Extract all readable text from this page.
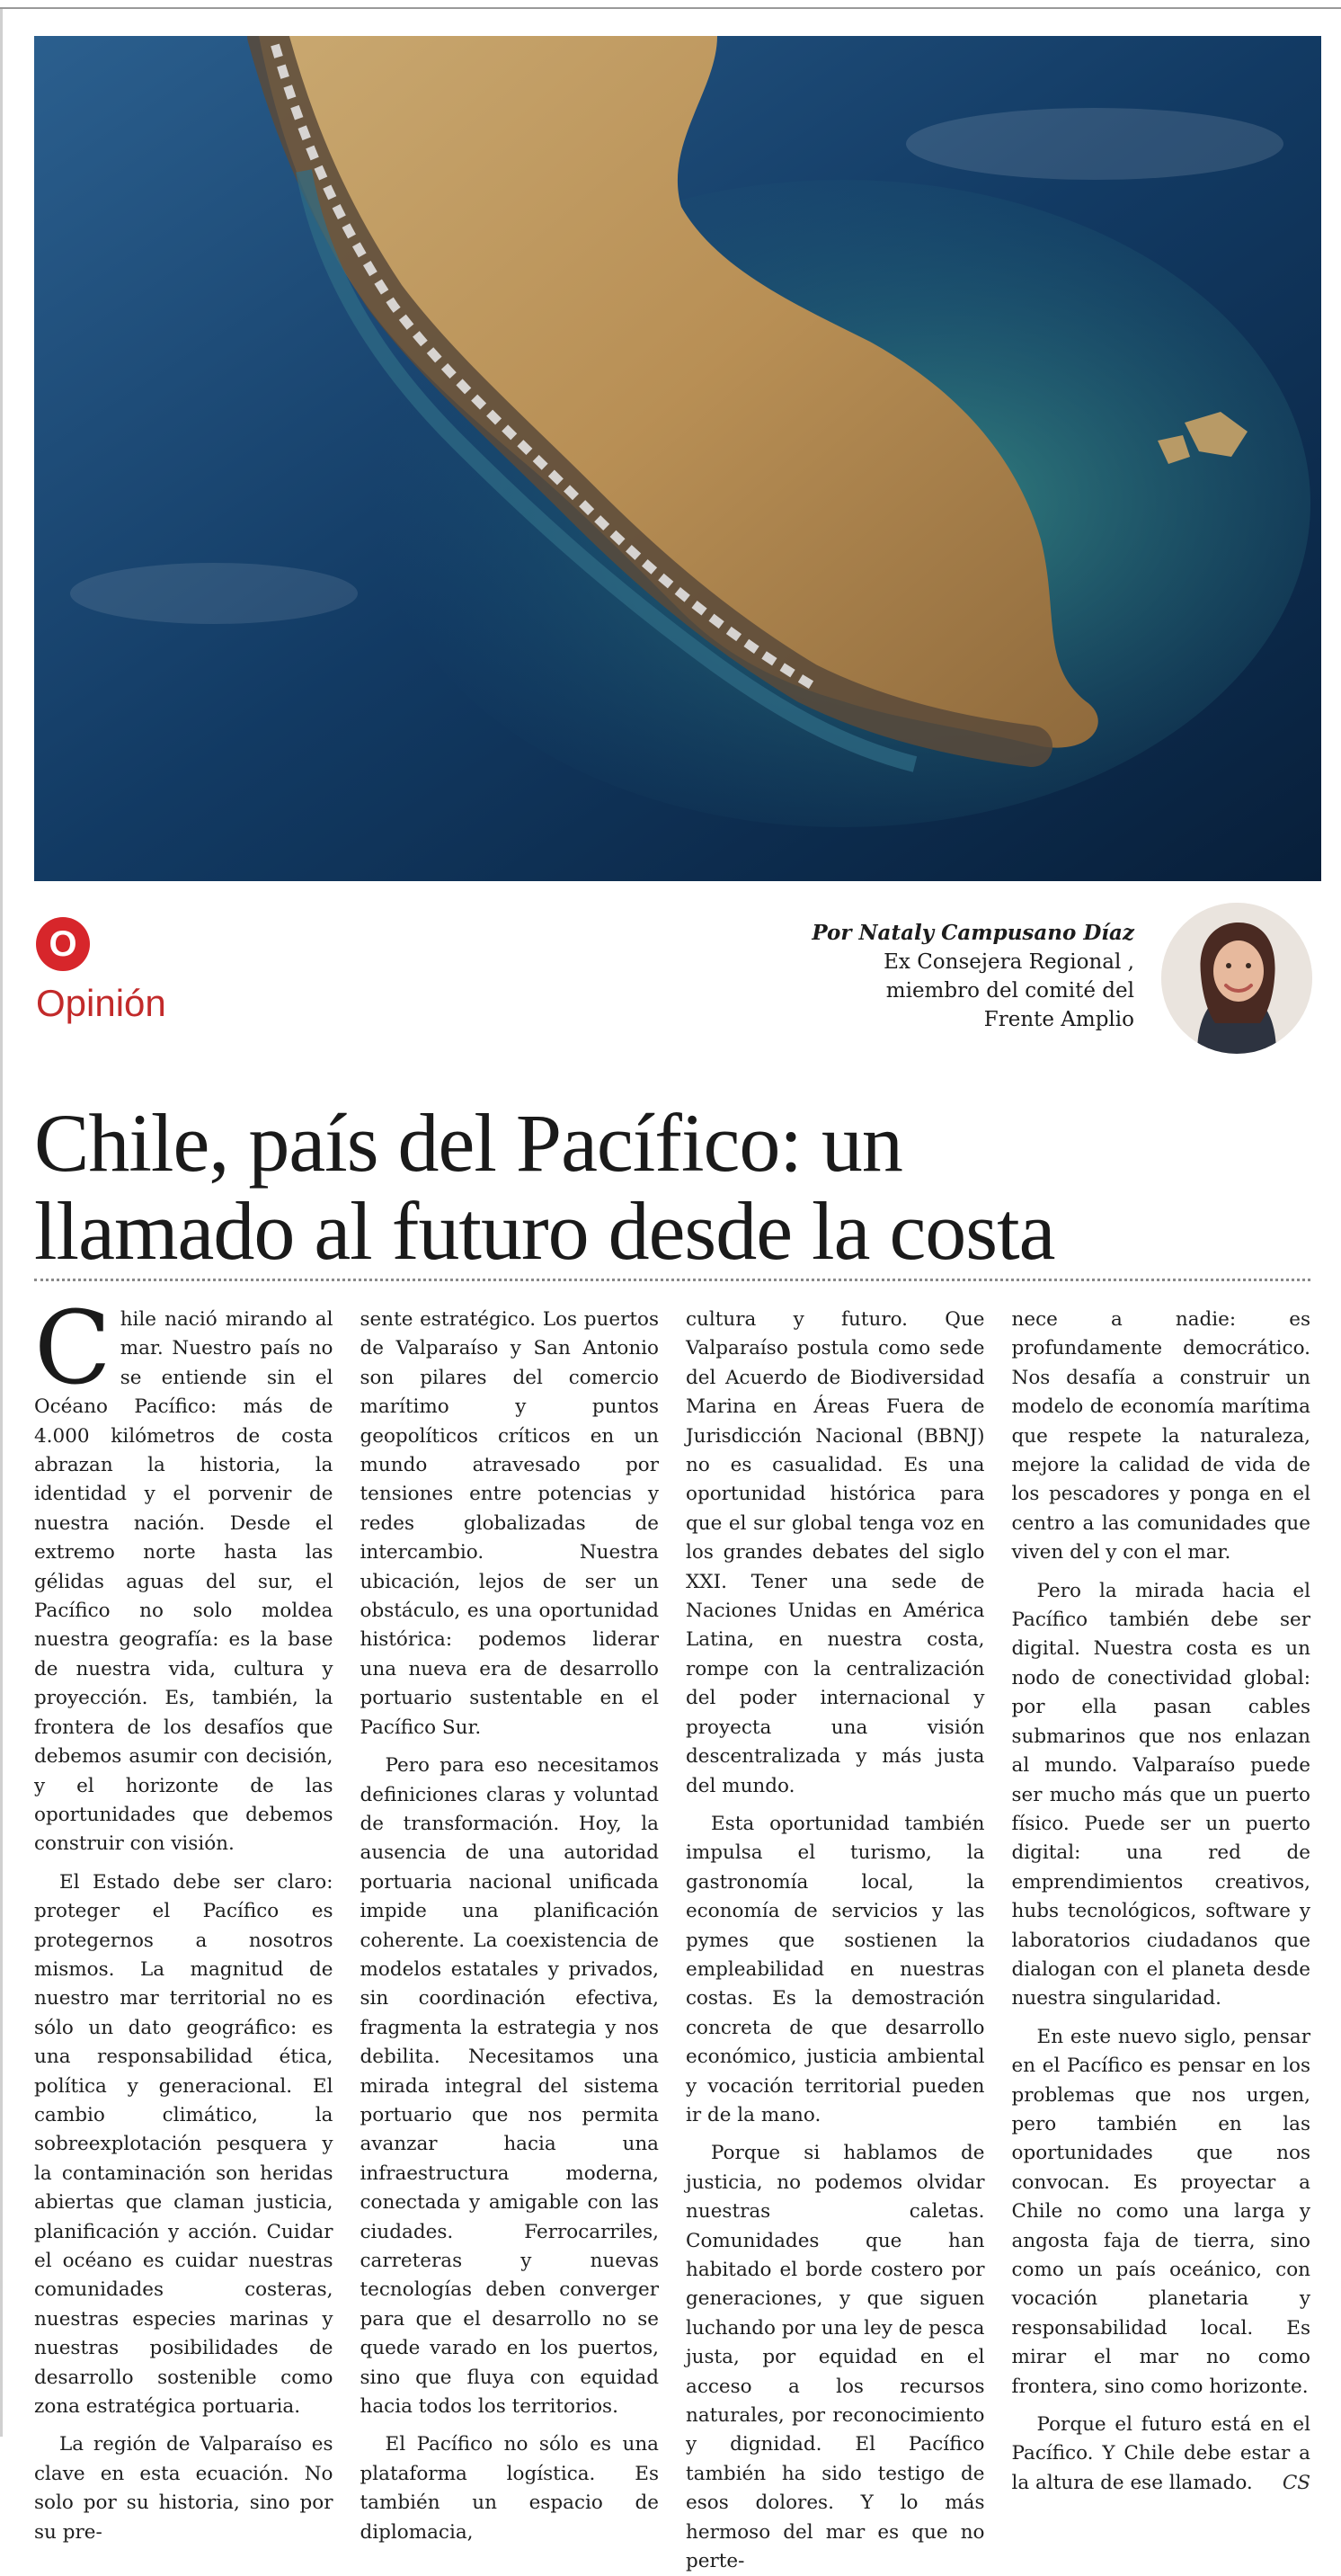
O
Opinión
Por Nataly Campusano Díaz
Ex Consejera Regional ,
miembro del comité del
Frente Amplio
Chile, país del Pacífico: un
llamado al futuro desde la costa

Chile nació mirando al mar. Nuestro país no se entiende sin el Océano Pacífico: más de 4.000 kilómetros de costa abrazan la historia, la identidad y el porvenir de nuestra nación. Desde el extremo norte hasta las gélidas aguas del sur, el Pacífico no solo moldea nuestra geografía: es la base de nuestra vida, cultura y proyección. Es, también, la frontera de los desafíos que debemos asumir con decisión, y el horizonte de las oportunidades que debemos construir con visión.

El Estado debe ser claro: proteger el Pacífico es protegernos a nosotros mismos. La magnitud de nuestro mar territorial no es sólo un dato geográfico: es una responsabilidad ética, política y generacional. El cambio climático, la sobreexplotación pesquera y la contaminación son heridas abiertas que claman justicia, planificación y acción. Cuidar el océano es cuidar nuestras comunidades costeras, nuestras especies marinas y nuestras posibilidades de desarrollo sostenible como zona estratégica portuaria.

La región de Valparaíso es clave en esta ecuación. No solo por su historia, sino por su pre-

sente estratégico. Los puertos de Valparaíso y San Antonio son pilares del comercio marítimo y puntos geopolíticos críticos en un mundo atravesado por tensiones entre potencias y redes globalizadas de intercambio. Nuestra ubicación, lejos de ser un obstáculo, es una oportunidad histórica: podemos liderar una nueva era de desarrollo portuario sustentable en el Pacífico Sur.

Pero para eso necesitamos definiciones claras y voluntad de transformación. Hoy, la ausencia de una autoridad portuaria nacional unificada impide una planificación coherente. La coexistencia de modelos estatales y privados, sin coordinación efectiva, fragmenta la estrategia y nos debilita. Necesitamos una mirada integral del sistema portuario que nos permita avanzar hacia una infraestructura moderna, conectada y amigable con las ciudades. Ferrocarriles, carreteras y nuevas tecnologías deben converger para que el desarrollo no se quede varado en los puertos, sino que fluya con equidad hacia todos los territorios.

El Pacífico no sólo es una plataforma logística. Es también un espacio de diplomacia,

cultura y futuro. Que Valparaíso postula como sede del Acuerdo de Biodiversidad Marina en Áreas Fuera de Jurisdicción Nacional (BBNJ) no es casualidad. Es una oportunidad histórica para que el sur global tenga voz en los grandes debates del siglo XXI. Tener una sede de Naciones Unidas en América Latina, en nuestra costa, rompe con la centralización del poder internacional y proyecta una visión descentralizada y más justa del mundo.

Esta oportunidad también impulsa el turismo, la gastronomía local, la economía de servicios y las pymes que sostienen la empleabilidad en nuestras costas. Es la demostración concreta de que desarrollo económico, justicia ambiental y vocación territorial pueden ir de la mano.

Porque si hablamos de justicia, no podemos olvidar nuestras caletas. Comunidades que han habitado el borde costero por generaciones, y que siguen luchando por una ley de pesca justa, por equidad en el acceso a los recursos naturales, por reconocimiento y dignidad. El Pacífico también ha sido testigo de esos dolores. Y lo más hermoso del mar es que no perte-

nece a nadie: es profundamente democrático. Nos desafía a construir un modelo de economía marítima que respete la naturaleza, mejore la calidad de vida de los pescadores y ponga en el centro a las comunidades que viven del y con el mar.

Pero la mirada hacia el Pacífico también debe ser digital. Nuestra costa es un nodo de conectividad global: por ella pasan cables submarinos que nos enlazan al mundo. Valparaíso puede ser mucho más que un puerto físico. Puede ser un puerto digital: una red de emprendimientos creativos, hubs tecnológicos, software y laboratorios ciudadanos que dialogan con el planeta desde nuestra singularidad.

En este nuevo siglo, pensar en el Pacífico es pensar en los problemas que nos urgen, pero también en las oportunidades que nos convocan. Es proyectar a Chile no como una larga y angosta faja de tierra, sino como un país oceánico, con vocación planetaria y responsabilidad local. Es mirar el mar no como frontera, sino como horizonte.

Porque el futuro está en el Pacífico. Y Chile debe estar a la altura de ese llamado.	CS
